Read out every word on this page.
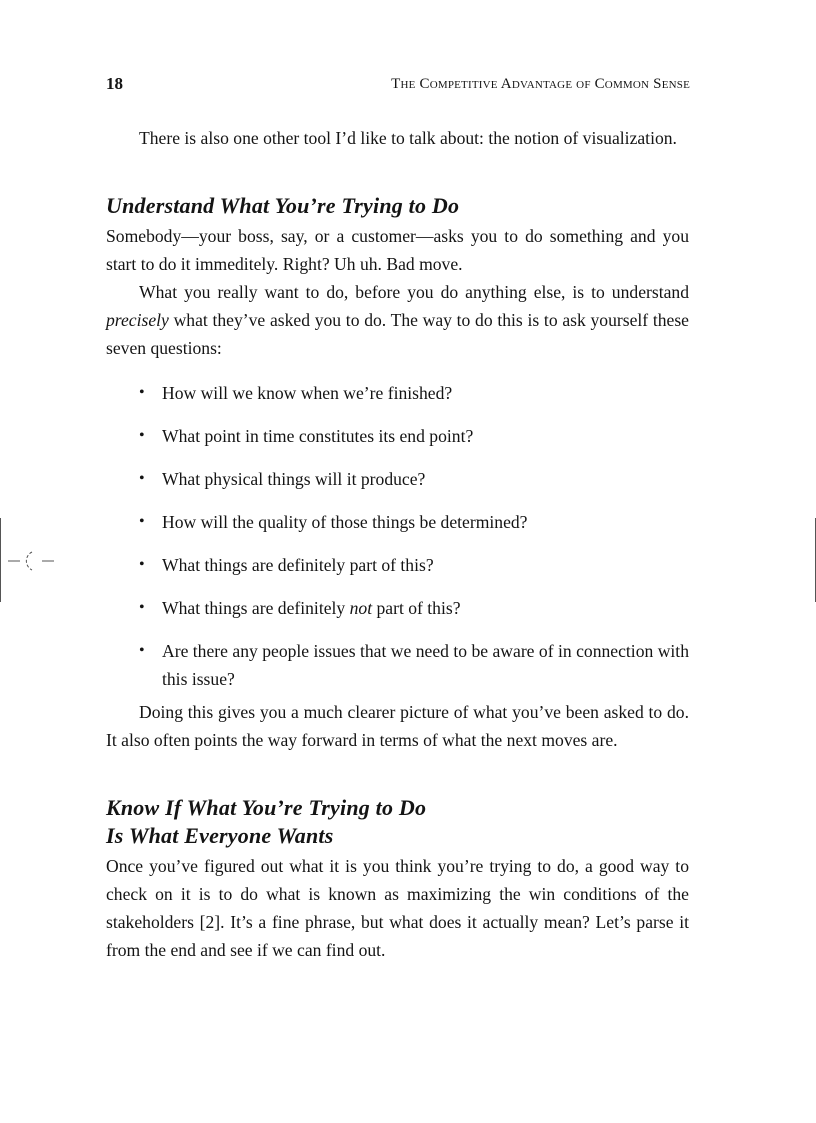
18	The Competitive Advantage of Common Sense

There is also one other tool I’d like to talk about: the notion of visualization.

Understand What You’re Trying to Do

Somebody—your boss, say, or a customer—asks you to do something and you start to do it immeditely. Right? Uh uh. Bad move.

What you really want to do, before you do anything else, is to understand precisely what they’ve asked you to do. The way to do this is to ask yourself these seven questions:

• How will we know when we’re finished?
• What point in time constitutes its end point?
• What physical things will it produce?
• How will the quality of those things be determined?
• What things are definitely part of this?
• What things are definitely not part of this?
• Are there any people issues that we need to be aware of in connection with this issue?

Doing this gives you a much clearer picture of what you’ve been asked to do. It also often points the way forward in terms of what the next moves are.

Know If What You’re Trying to Do
Is What Everyone Wants

Once you’ve figured out what it is you think you’re trying to do, a good way to check on it is to do what is known as maximizing the win conditions of the stakeholders [2]. It’s a fine phrase, but what does it actually mean? Let’s parse it from the end and see if we can find out.
